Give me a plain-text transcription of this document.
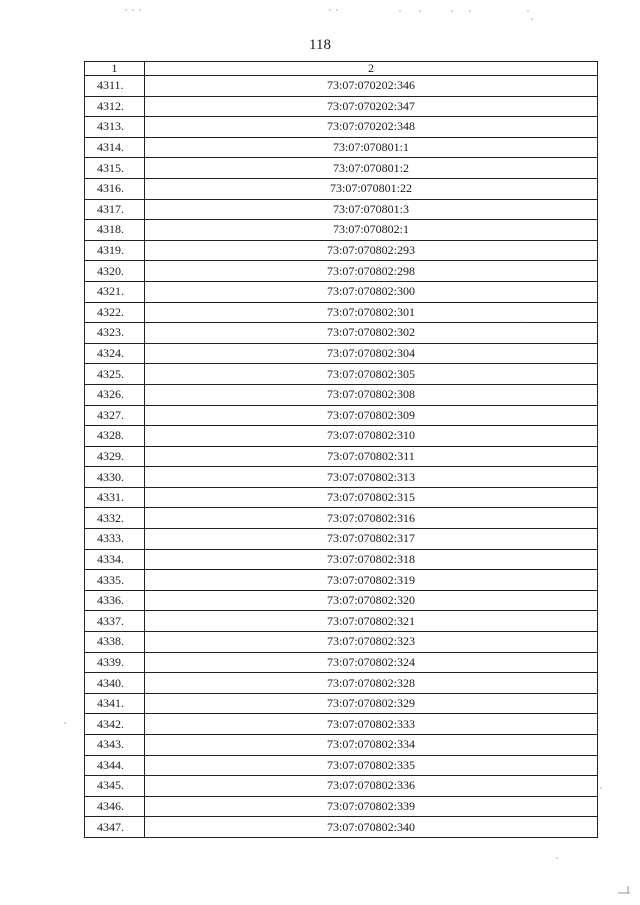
118
1	2
4311.	73:07:070202:346
4312.	73:07:070202:347
4313.	73:07:070202:348
4314.	73:07:070801:1
4315.	73:07:070801:2
4316.	73:07:070801:22
4317.	73:07:070801:3
4318.	73:07:070802:1
4319.	73:07:070802:293
4320.	73:07:070802:298
4321.	73:07:070802:300
4322.	73:07:070802:301
4323.	73:07:070802:302
4324.	73:07:070802:304
4325.	73:07:070802:305
4326.	73:07:070802:308
4327.	73:07:070802:309
4328.	73:07:070802:310
4329.	73:07:070802:311
4330.	73:07:070802:313
4331.	73:07:070802:315
4332.	73:07:070802:316
4333.	73:07:070802:317
4334.	73:07:070802:318
4335.	73:07:070802:319
4336.	73:07:070802:320
4337.	73:07:070802:321
4338.	73:07:070802:323
4339.	73:07:070802:324
4340.	73:07:070802:328
4341.	73:07:070802:329
4342.	73:07:070802:333
4343.	73:07:070802:334
4344.	73:07:070802:335
4345.	73:07:070802:336
4346.	73:07:070802:339
4347.	73:07:070802:340
